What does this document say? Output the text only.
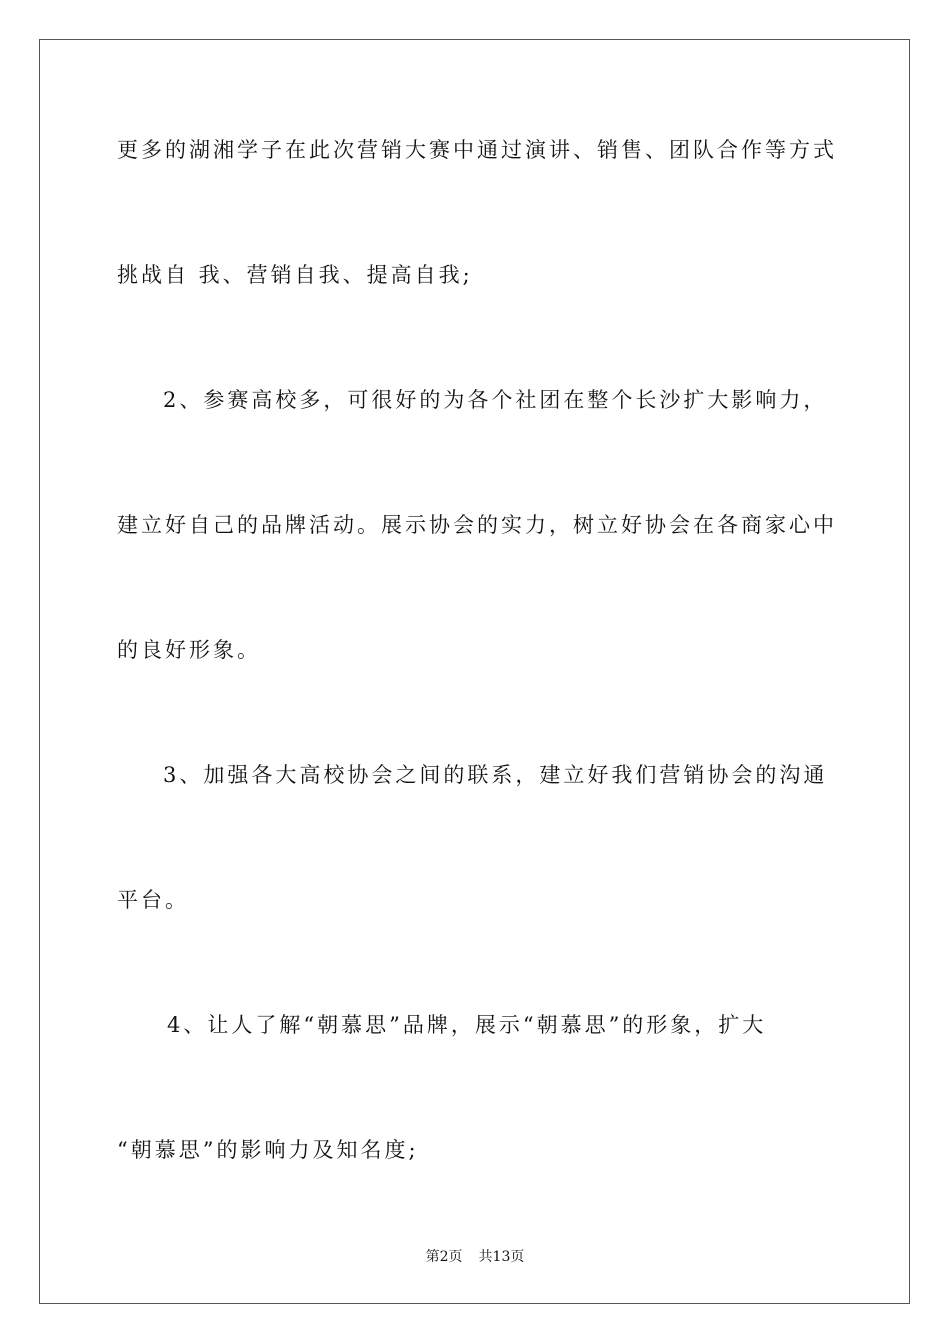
更多的湖湘学子在此次营销大赛中通过演讲、销售、团队合作等方式
挑战自 我、营销自我、提高自我;
2、参赛高校多，可很好的为各个社团在整个长沙扩大影响力，
建立好自己的品牌活动。展示协会的实力，树立好协会在各商家心中
的良好形象。
3、加强各大高校协会之间的联系，建立好我们营销协会的沟通
平台。
4、让人了解“朝慕思”品牌，展示“朝慕思”的形象，扩大
“朝慕思”的影响力及知名度;
第2页 共13页
